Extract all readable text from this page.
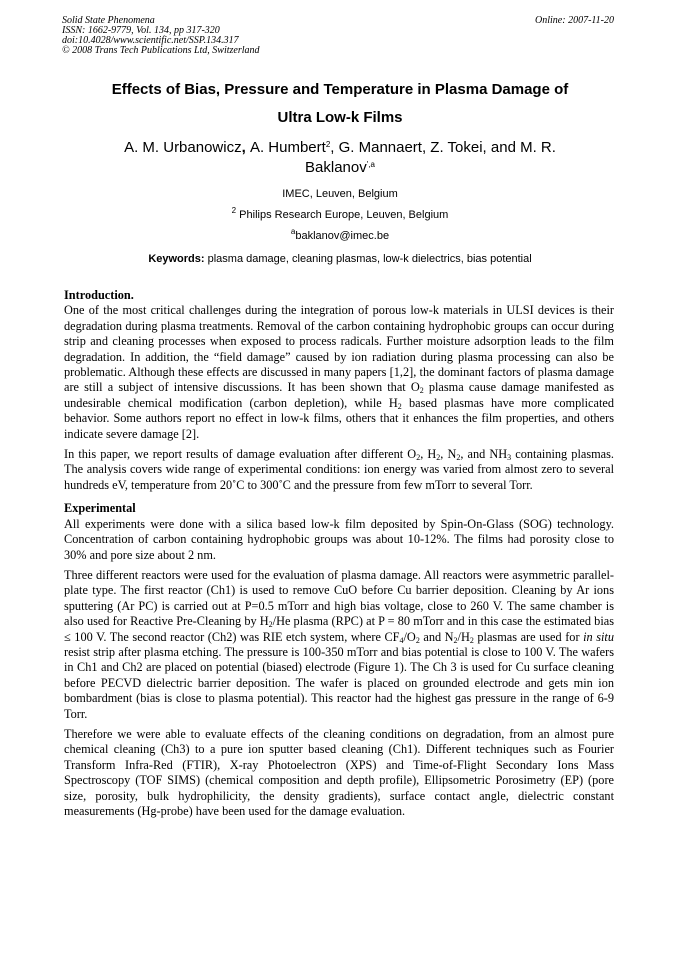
Solid State Phenomena
ISSN: 1662-9779, Vol. 134, pp 317-320
doi:10.4028/www.scientific.net/SSP.134.317
© 2008 Trans Tech Publications Ltd, Switzerland
Online: 2007-11-20
Effects of Bias, Pressure and Temperature in Plasma Damage of
Ultra Low-k Films
A. M. Urbanowicz, A. Humbert$^2$, G. Mannaert, Z. Tokei, and M. R.
Baklanov$^{',a}$
IMEC, Leuven, Belgium
$^2$ Philips Research Europe, Leuven, Belgium
$^a$baklanov@imec.be
Keywords: plasma damage, cleaning plasmas, low-k dielectrics, bias potential
Introduction.

One of the most critical challenges during the integration of porous low-k materials in ULSI devices is their degradation during plasma treatments. Removal of the carbon containing hydrophobic groups can occur during strip and cleaning processes when exposed to process radicals. Further moisture adsorption leads to the film degradation. In addition, the “field damage” caused by ion radiation during plasma processing can also be problematic. Although these effects are discussed in many papers [1,2], the dominant factors of plasma damage are still a subject of intensive discussions. It has been shown that $O_2$ plasma cause damage manifested as undesirable chemical modification (carbon depletion), while $H_2$ based plasmas have more complicated behavior. Some authors report no effect in low-k films, others that it enhances the film properties, and others indicate severe damage [2].

In this paper, we report results of damage evaluation after different $O_2$, $H_2$, $N_2$, and $NH_3$ containing plasmas. The analysis covers wide range of experimental conditions: ion energy was varied from almost zero to several hundreds eV, temperature from 20˚C to 300˚C and the pressure from few mTorr to several Torr.

Experimental

All experiments were done with a silica based low-k film deposited by Spin-On-Glass (SOG) technology. Concentration of carbon containing hydrophobic groups was about 10-12%. The films had porosity close to 30% and pore size about 2 nm.

Three different reactors were used for the evaluation of plasma damage. All reactors were asymmetric parallel-plate type. The first reactor (Ch1) is used to remove CuO before Cu barrier deposition. Cleaning by Ar ions sputtering (Ar PC) is carried out at P=0.5 mTorr and high bias voltage, close to 260 V. The same chamber is also used for Reactive Pre-Cleaning by $H_2/He$ plasma (RPC) at P = 80 mTorr and in this case the estimated bias ≤ 100 V. The second reactor (Ch2) was RIE etch system, where $CF_4/O_2$ and $N_2/H_2$ plasmas are used for in situ resist strip after plasma etching. The pressure is 100-350 mTorr and bias potential is close to 100 V. The wafers in Ch1 and Ch2 are placed on potential (biased) electrode (Figure 1). The Ch 3 is used for Cu surface cleaning before PECVD dielectric barrier deposition. The wafer is placed on grounded electrode and gets min ion bombardment (bias is close to plasma potential). This reactor had the highest gas pressure in the range of 6-9 Torr.

Therefore we were able to evaluate effects of the cleaning conditions on degradation, from an almost pure chemical cleaning (Ch3) to a pure ion sputter based cleaning (Ch1). Different techniques such as Fourier Transform Infra-Red (FTIR), X-ray Photoelectron (XPS) and Time-of-Flight Secondary Ions Mass Spectroscopy (TOF SIMS) (chemical composition and depth profile), Ellipsometric Porosimetry (EP) (pore size, porosity, bulk hydrophilicity, the density gradients), surface contact angle, dielectric constant measurements (Hg-probe) have been used for the damage evaluation.
